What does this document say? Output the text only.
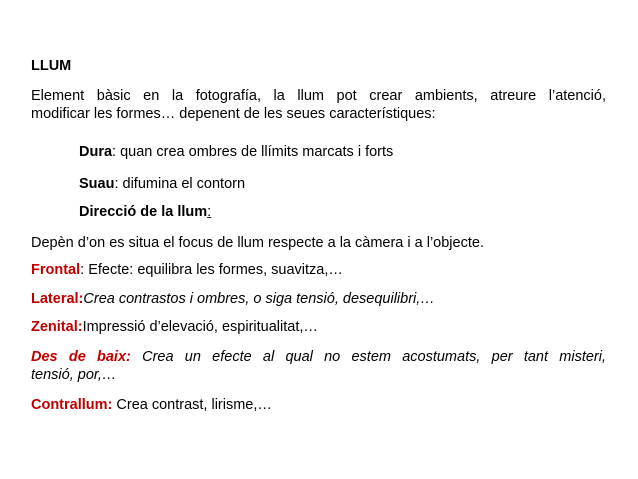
LLUM
Element bàsic en la fotografía, la llum pot crear ambients, atreure l’atenció,
modificar les formes… depenent de les seues característiques:
Dura: quan crea ombres de llímits marcats i forts
Suau: difumina el contorn
Direcció de la llum:
Depèn d’on es situa el focus de llum respecte a la càmera i a l’objecte.
Frontal: Efecte: equilibra les formes, suavitza,…
Lateral:Crea contrastos i ombres, o siga tensió, desequilibri,…
Zenital:Impressió d’elevació, espiritualitat,…
Des de baix: Crea un efecte al qual no estem acostumats, per tant misteri,
tensió, por,…
Contrallum: Crea contrast, lirisme,…
